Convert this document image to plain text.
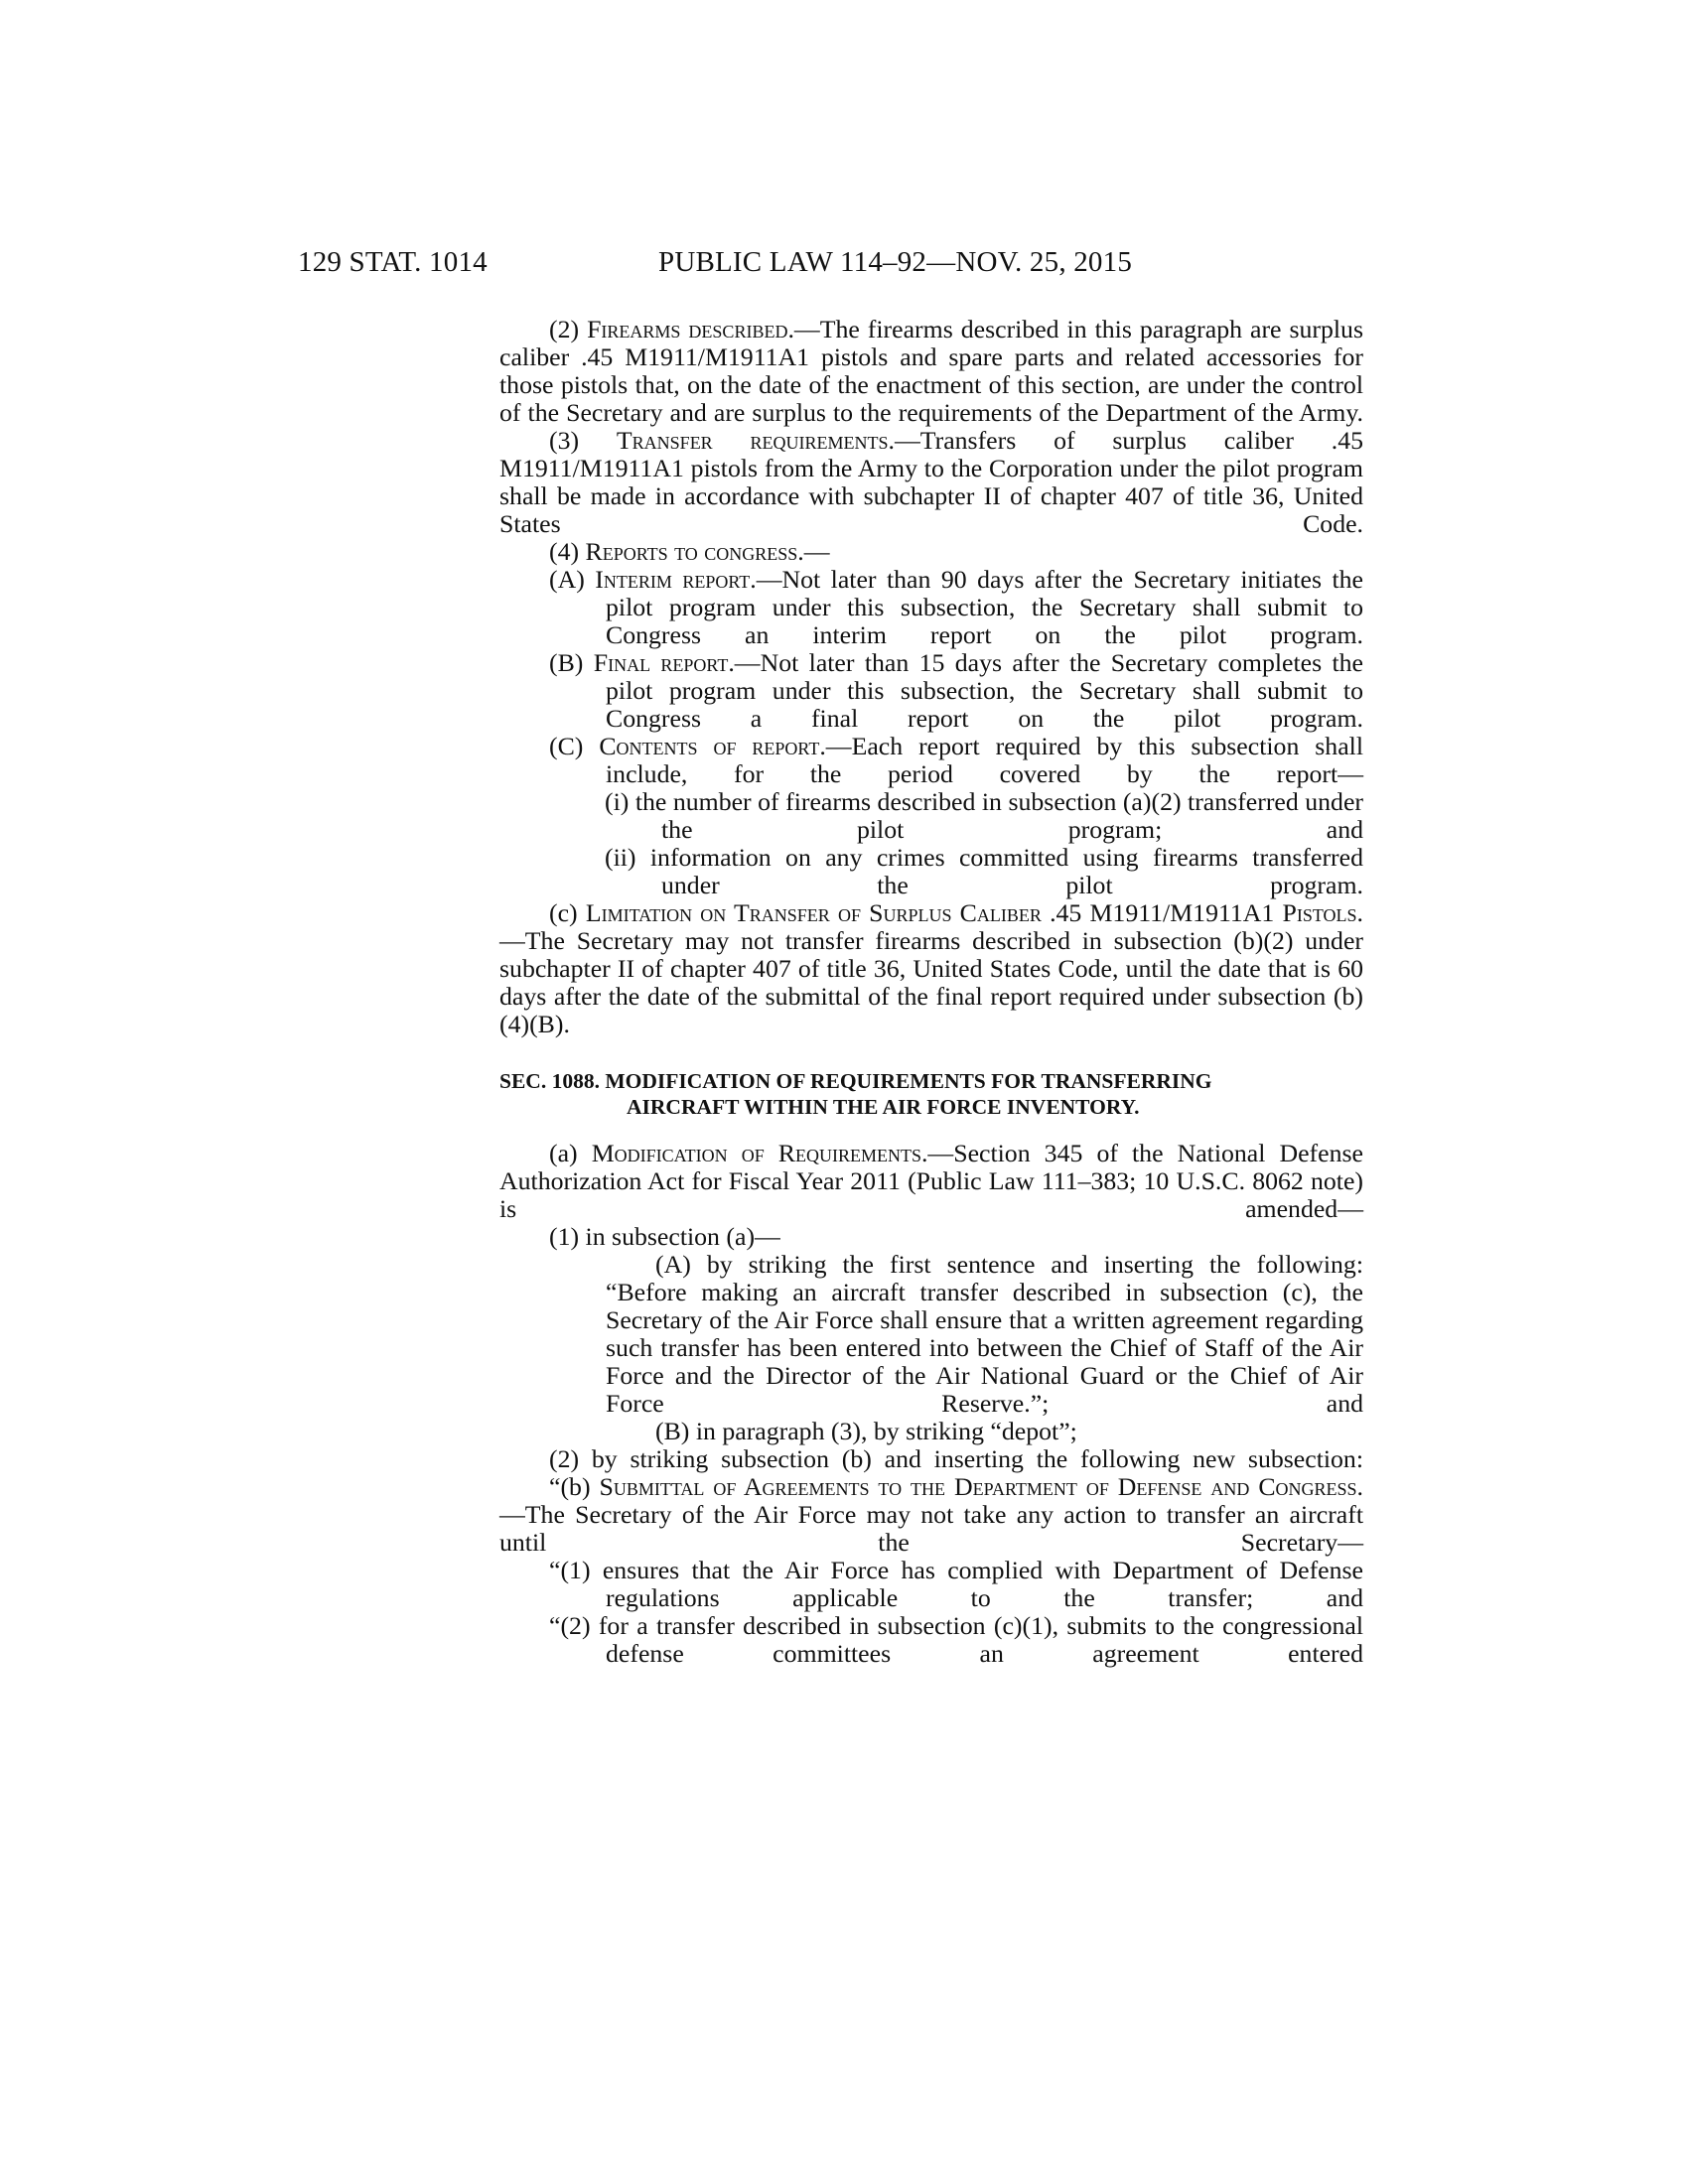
129 STAT. 1014	PUBLIC LAW 114–92—NOV. 25, 2015

(2) Firearms described.—The firearms described in this paragraph are surplus caliber .45 M1911/M1911A1 pistols and spare parts and related accessories for those pistols that, on the date of the enactment of this section, are under the control of the Secretary and are surplus to the requirements of the Department of the Army.

(3) Transfer requirements.—Transfers of surplus caliber .45 M1911/M1911A1 pistols from the Army to the Corporation under the pilot program shall be made in accordance with subchapter II of chapter 407 of title 36, United States Code.

(4) Reports to congress.—

(A) Interim report.—Not later than 90 days after the Secretary initiates the pilot program under this subsection, the Secretary shall submit to Congress an interim report on the pilot program.

(B) Final report.—Not later than 15 days after the Secretary completes the pilot program under this subsection, the Secretary shall submit to Congress a final report on the pilot program.

(C) Contents of report.—Each report required by this subsection shall include, for the period covered by the report—

(i) the number of firearms described in subsection (a)(2) transferred under the pilot program; and

(ii) information on any crimes committed using firearms transferred under the pilot program.

(c) Limitation on Transfer of Surplus Caliber .45 M1911/M1911A1 Pistols.—The Secretary may not transfer firearms described in subsection (b)(2) under subchapter II of chapter 407 of title 36, United States Code, until the date that is 60 days after the date of the submittal of the final report required under subsection (b)(4)(B).

SEC. 1088. MODIFICATION OF REQUIREMENTS FOR TRANSFERRING
AIRCRAFT WITHIN THE AIR FORCE INVENTORY.

(a) Modification of Requirements.—Section 345 of the National Defense Authorization Act for Fiscal Year 2011 (Public Law 111–383; 10 U.S.C. 8062 note) is amended—

(1) in subsection (a)—

(A) by striking the first sentence and inserting the following: “Before making an aircraft transfer described in subsection (c), the Secretary of the Air Force shall ensure that a written agreement regarding such transfer has been entered into between the Chief of Staff of the Air Force and the Director of the Air National Guard or the Chief of Air Force Reserve.”; and

(B) in paragraph (3), by striking “depot”;

(2) by striking subsection (b) and inserting the following new subsection:

“(b) Submittal of Agreements to the Department of Defense and Congress.—The Secretary of the Air Force may not take any action to transfer an aircraft until the Secretary—

“(1) ensures that the Air Force has complied with Department of Defense regulations applicable to the transfer; and

“(2) for a transfer described in subsection (c)(1), submits to the congressional defense committees an agreement entered
